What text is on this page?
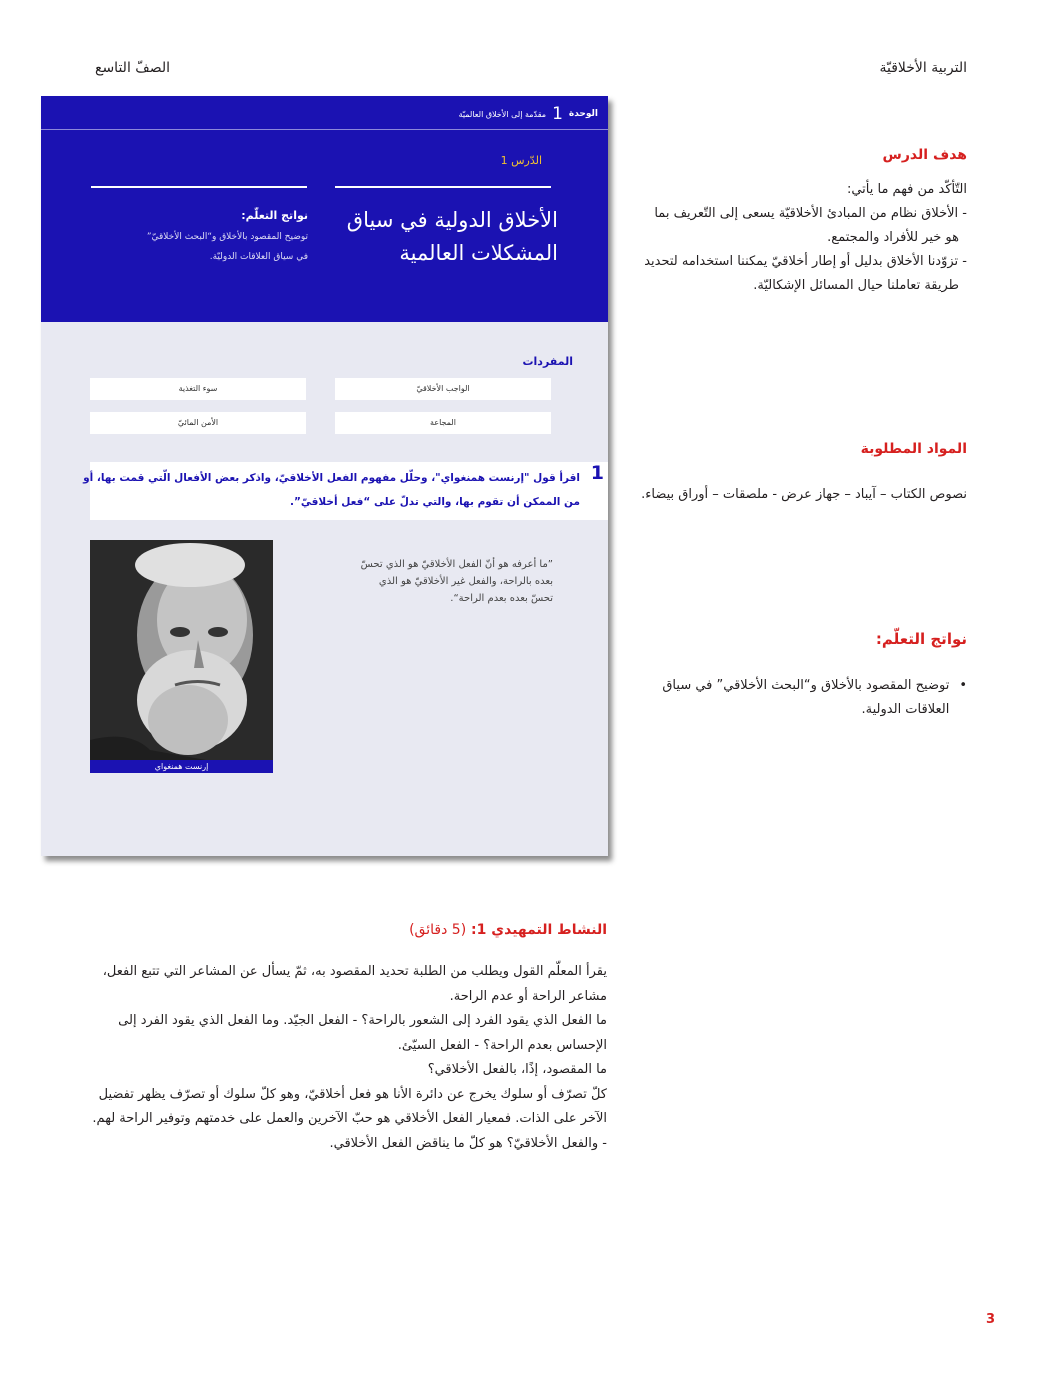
التربية الأخلاقيّة
الصفّ التاسع
الوحدة
1
مقدّمة إلى الأخلاق العالميّة
الدّرس 1
الأخلاق الدولية في سياق
المشكلات العالمية
نواتج التعلّم:
توضيح المقصود بالأخلاق و“البحث الأخلاقيّ”
في سياق العلاقات الدوليّة.
المفردات
الواجب الأخلاقيّ
سوء التغذية
المجاعة
الأمن المائيّ
1
اقرأ قول "إرنست همنغواي"، وحلّل مفهوم الفعل الأخلاقيّ، واذكر بعض الأفعال الّتي قمت بها، أو
من الممكن أن تقوم بها، والتي تدلّ على “فعل أخلاقيّ”.
”ما أعرفه هو أنّ الفعل الأخلاقيّ هو الذي تحسّ
بعده بالراحة، والفعل غير الأخلاقيّ هو الذي
تحسّ بعده بعدم الراحة“.
إرنست همنغواي
هدف الدرس
التّأكّد من فهم ما يأتي:
- الأخلاق نظام من المبادئ الأخلاقيّة يسعى إلى التّعريف بما
هو خير للأفراد والمجتمع.
- تزوّدنا الأخلاق بدليل أو إطار أخلاقيّ يمكننا استخدامه لتحديد
طريقة تعاملنا حيال المسائل الإشكاليّة.
المواد المطلوبة
نصوص الكتاب – آيباد – جهاز عرض - ملصقات – أوراق بيضاء.
نواتج التعلّم:
•
توضيح المقصود بالأخلاق و“البحث الأخلاقي” في سياق
العلاقات الدولية.
النشاط التمهيدي 1: (5 دقائق)
يقرأ المعلّم القول ويطلب من الطلبة تحديد المقصود به، ثمّ يسأل عن المشاعر التي تتبع الفعل،
مشاعر الراحة أو عدم الراحة.
ما الفعل الذي يقود الفرد إلى الشعور بالراحة؟ - الفعل الجيّد. وما الفعل الذي يقود الفرد إلى
الإحساس بعدم الراحة؟ - الفعل السيّئ.
ما المقصود، إذًا، بالفعل الأخلاقي؟
كلّ تصرّف أو سلوك يخرج عن دائرة الأنا هو فعل أخلاقيّ، وهو كلّ سلوك أو تصرّف يظهر تفضيل
الآخر على الذات. فمعيار الفعل الأخلاقي هو حبّ الآخرين والعمل على خدمتهم وتوفير الراحة لهم.
- والفعل الأخلاقيّ؟ هو كلّ ما يناقض الفعل الأخلاقي.
3
